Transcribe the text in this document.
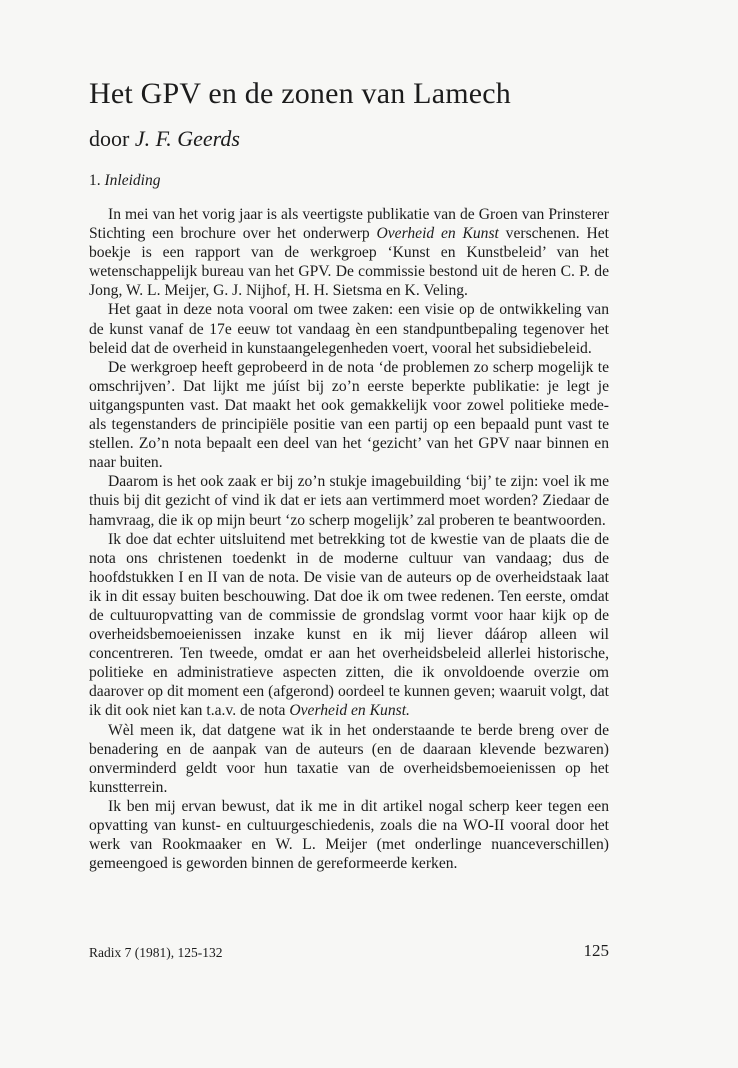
Het GPV en de zonen van Lamech
door J. F. Geerds
1. Inleiding

In mei van het vorig jaar is als veertigste publikatie van de Groen van Prinsterer Stichting een brochure over het onderwerp Overheid en Kunst verschenen. Het boekje is een rapport van de werkgroep ‘Kunst en Kunstbeleid’ van het wetenschappelijk bureau van het GPV. De commissie bestond uit de heren C. P. de Jong, W. L. Meijer, G. J. Nijhof, H. H. Sietsma en K. Veling.

Het gaat in deze nota vooral om twee zaken: een visie op de ontwikkeling van de kunst vanaf de 17e eeuw tot vandaag èn een standpuntbepaling tegenover het beleid dat de overheid in kunstaangelegenheden voert, vooral het subsidiebeleid.

De werkgroep heeft geprobeerd in de nota ‘de problemen zo scherp mogelijk te omschrijven’. Dat lijkt me júíst bij zo’n eerste beperkte publikatie: je legt je uitgangspunten vast. Dat maakt het ook gemakkelijk voor zowel politieke mede- als tegenstanders de principiële positie van een partij op een bepaald punt vast te stellen. Zo’n nota bepaalt een deel van het ‘gezicht’ van het GPV naar binnen en naar buiten.

Daarom is het ook zaak er bij zo’n stukje imagebuilding ‘bij’ te zijn: voel ik me thuis bij dit gezicht of vind ik dat er iets aan vertimmerd moet worden? Ziedaar de hamvraag, die ik op mijn beurt ‘zo scherp mogelijk’ zal proberen te beantwoorden.

Ik doe dat echter uitsluitend met betrekking tot de kwestie van de plaats die de nota ons christenen toedenkt in de moderne cultuur van vandaag; dus de hoofdstukken I en II van de nota. De visie van de auteurs op de overheidstaak laat ik in dit essay buiten beschouwing. Dat doe ik om twee redenen. Ten eerste, omdat de cultuuropvatting van de commissie de grondslag vormt voor haar kijk op de overheidsbemoeienissen inzake kunst en ik mij liever dáárop alleen wil concentreren. Ten tweede, omdat er aan het overheidsbeleid allerlei historische, politieke en administratieve aspecten zitten, die ik onvoldoende overzie om daarover op dit moment een (afgerond) oordeel te kunnen geven; waaruit volgt, dat ik dit ook niet kan t.a.v. de nota Overheid en Kunst.

Wèl meen ik, dat datgene wat ik in het onderstaande te berde breng over de benadering en de aanpak van de auteurs (en de daaraan klevende bezwaren) onverminderd geldt voor hun taxatie van de overheidsbemoeienissen op het kunstterrein.

Ik ben mij ervan bewust, dat ik me in dit artikel nogal scherp keer tegen een opvatting van kunst- en cultuurgeschiedenis, zoals die na WO-II vooral door het werk van Rookmaaker en W. L. Meijer (met onderlinge nuanceverschillen) gemeengoed is geworden binnen de gereformeerde kerken.

Radix 7 (1981), 125-132	125
